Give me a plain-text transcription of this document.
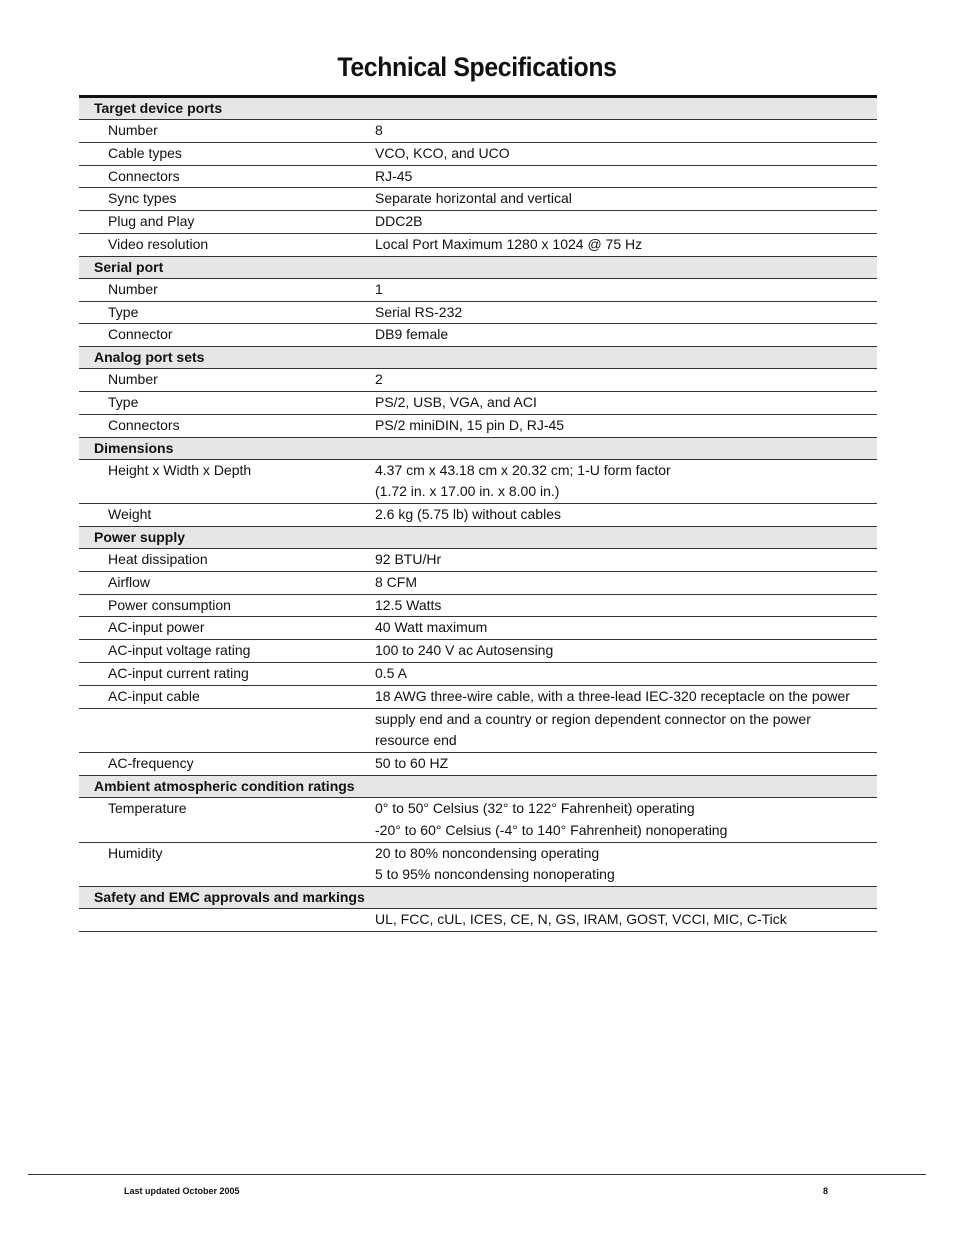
Technical Specifications
Target device ports
Number	8
Cable types	VCO, KCO, and UCO
Connectors	RJ-45
Sync types	Separate horizontal and vertical
Plug and Play	DDC2B
Video resolution	Local Port Maximum 1280 x 1024 @ 75 Hz
Serial port
Number	1
Type	Serial RS-232
Connector	DB9 female
Analog port sets
Number	2
Type	PS/2, USB, VGA, and ACI
Connectors	PS/2 miniDIN, 15 pin D, RJ-45
Dimensions
Height x Width x Depth	4.37 cm x 43.18 cm x 20.32 cm; 1-U form factor
(1.72 in. x 17.00 in. x 8.00 in.)
Weight	2.6 kg (5.75 lb) without cables
Power supply
Heat dissipation	92 BTU/Hr
Airflow	8 CFM
Power consumption	12.5 Watts
AC-input power	40 Watt maximum
AC-input voltage rating	100 to 240 V ac Autosensing
AC-input current rating	0.5 A
AC-input cable	18 AWG three-wire cable, with a three-lead IEC-320 receptacle on the power
supply end and a country or region dependent connector on the power
resource end
AC-frequency	50 to 60 HZ
Ambient atmospheric condition ratings
Temperature	0° to 50° Celsius (32° to 122° Fahrenheit) operating
-20° to 60° Celsius (-4° to 140° Fahrenheit) nonoperating
Humidity	20 to 80% noncondensing operating
5 to 95% noncondensing nonoperating
Safety and EMC approvals and markings
UL, FCC, cUL, ICES, CE, N, GS, IRAM, GOST, VCCI, MIC, C-Tick
Last updated October 2005	8
